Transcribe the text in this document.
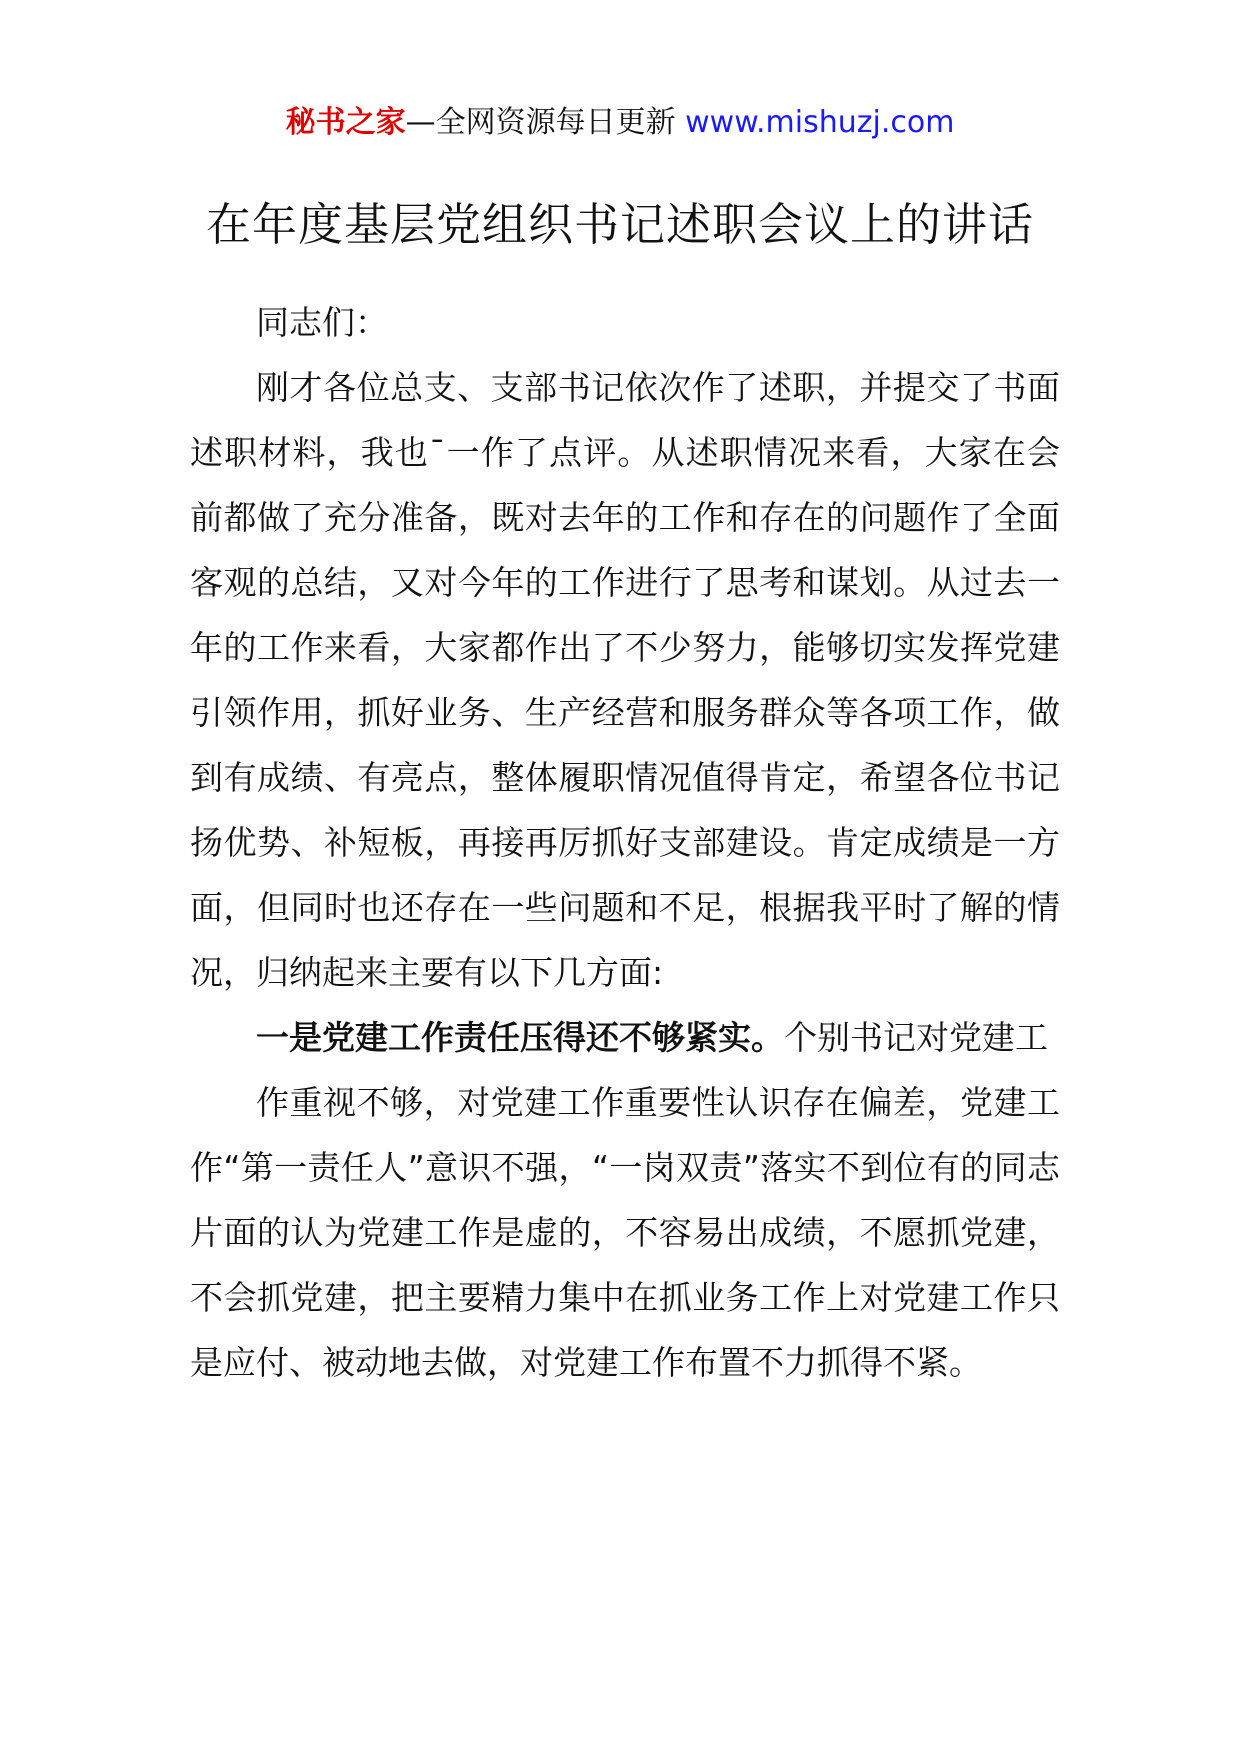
秘书之家—全网资源每日更新 www.mishuzj.com
在年度基层党组织书记述职会议上的讲话

同志们：

刚才各位总支、支部书记依次作了述职，并提交了书面述职材料，我也¯一作了点评。从述职情况来看，大家在会前都做了充分准备，既对去年的工作和存在的问题作了全面客观的总结，又对今年的工作进行了思考和谋划。从过去一年的工作来看，大家都作出了不少努力，能够切实发挥党建引领作用，抓好业务、生产经营和服务群众等各项工作，做到有成绩、有亮点，整体履职情况值得肯定，希望各位书记扬优势、补短板，再接再厉抓好支部建设。肯定成绩是一方面，但同时也还存在一些问题和不足，根据我平时了解的情况，归纳起来主要有以下几方面:

一是党建工作责任压得还不够紧实。个别书记对党建工

作重视不够，对党建工作重要性认识存在偏差，党建工作“第一责任人”意识不强，“一岗双责”落实不到位有的同志片面的认为党建工作是虚的，不容易出成绩，不愿抓党建，不会抓党建，把主要精力集中在抓业务工作上对党建工作只是应付、被动地去做，对党建工作布置不力抓得不紧。
